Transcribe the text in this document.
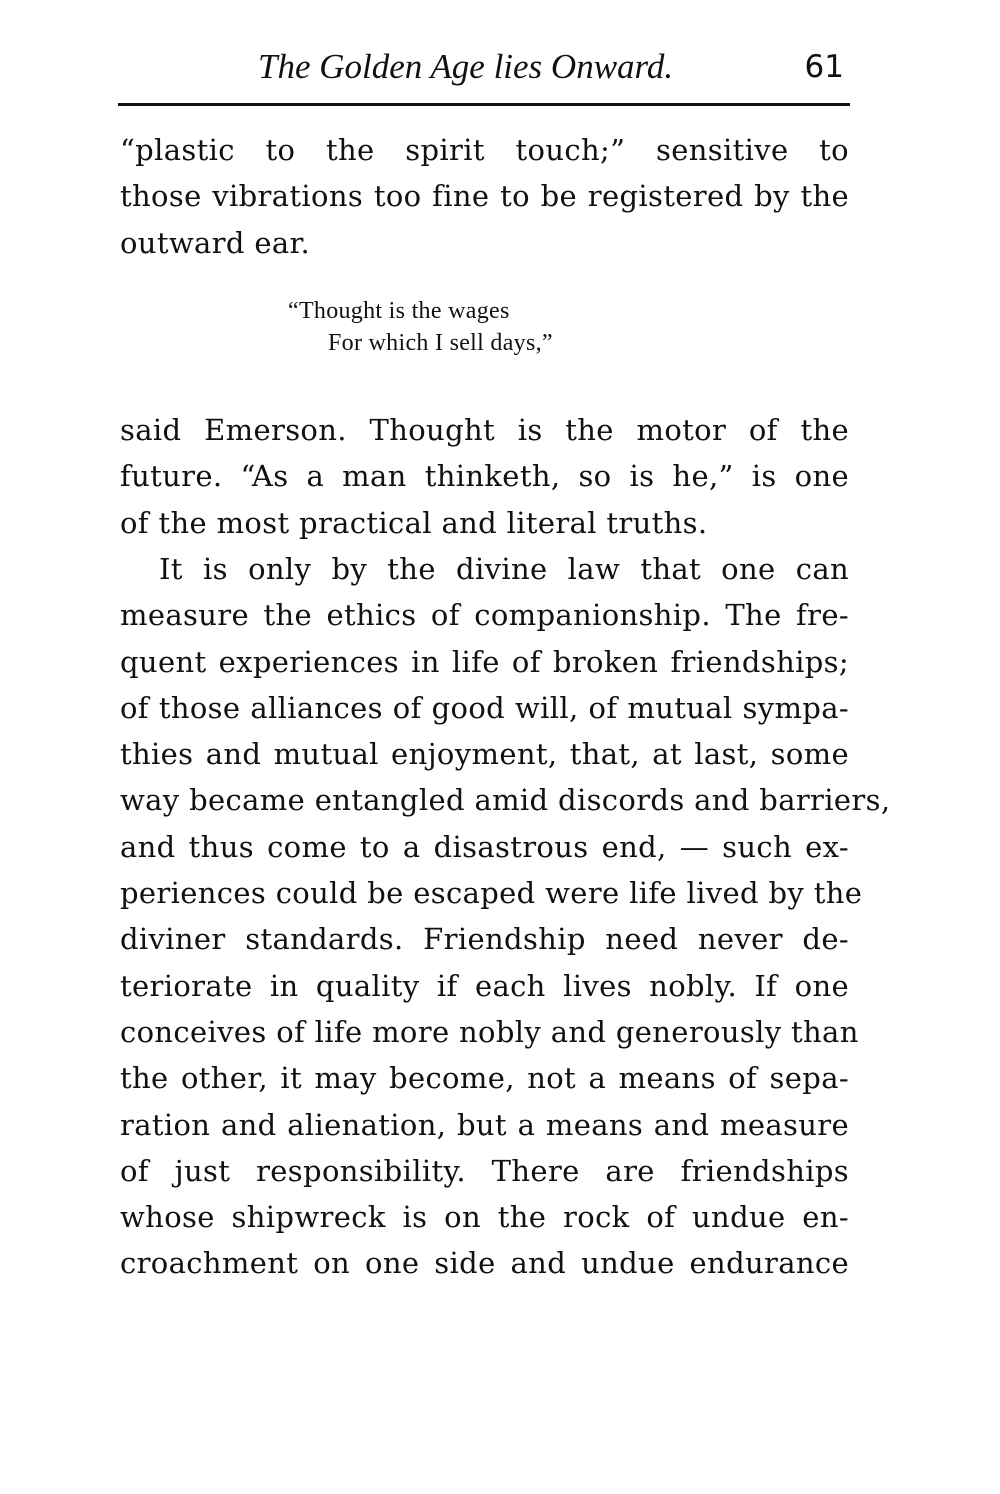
The Golden Age lies Onward.	61
“plastic to the spirit touch;” sensitive to
those vibrations too fine to be registered by the
outward ear.
“Thought is the wages
For which I sell days,”
said Emerson. Thought is the motor of the
future. “As a man thinketh, so is he,” is one
of the most practical and literal truths.
It is only by the divine law that one can
measure the ethics of companionship. The fre-
quent experiences in life of broken friendships;
of those alliances of good will, of mutual sympa-
thies and mutual enjoyment, that, at last, some
way became entangled amid discords and barriers,
and thus come to a disastrous end, — such ex-
periences could be escaped were life lived by the
diviner standards. Friendship need never de-
teriorate in quality if each lives nobly. If one
conceives of life more nobly and generously than
the other, it may become, not a means of sepa-
ration and alienation, but a means and measure
of just responsibility. There are friendships
whose shipwreck is on the rock of undue en-
croachment on one side and undue endurance
